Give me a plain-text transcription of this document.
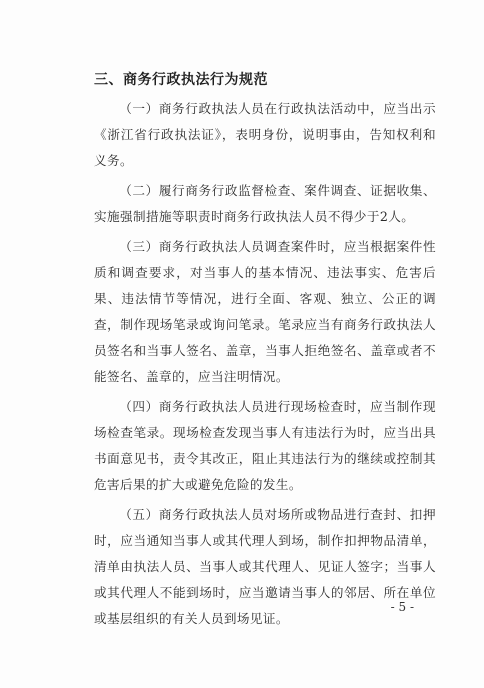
三、商务行政执法行为规范

（一）商务行政执法人员在行政执法活动中，应当出示《浙江省行政执法证》，表明身份，说明事由，告知权利和义务。

（二）履行商务行政监督检查、案件调查、证据收集、实施强制措施等职责时商务行政执法人员不得少于2人。

（三）商务行政执法人员调查案件时，应当根据案件性质和调查要求，对当事人的基本情况、违法事实、危害后果、违法情节等情况，进行全面、客观、独立、公正的调查，制作现场笔录或询问笔录。笔录应当有商务行政执法人员签名和当事人签名、盖章，当事人拒绝签名、盖章或者不能签名、盖章的，应当注明情况。

（四）商务行政执法人员进行现场检查时，应当制作现场检查笔录。现场检查发现当事人有违法行为时，应当出具书面意见书，责令其改正，阻止其违法行为的继续或控制其危害后果的扩大或避免危险的发生。

（五）商务行政执法人员对场所或物品进行查封、扣押时，应当通知当事人或其代理人到场，制作扣押物品清单，清单由执法人员、当事人或其代理人、见证人签字；当事人或其代理人不能到场时，应当邀请当事人的邻居、所在单位或基层组织的有关人员到场见证。

- 5 -
